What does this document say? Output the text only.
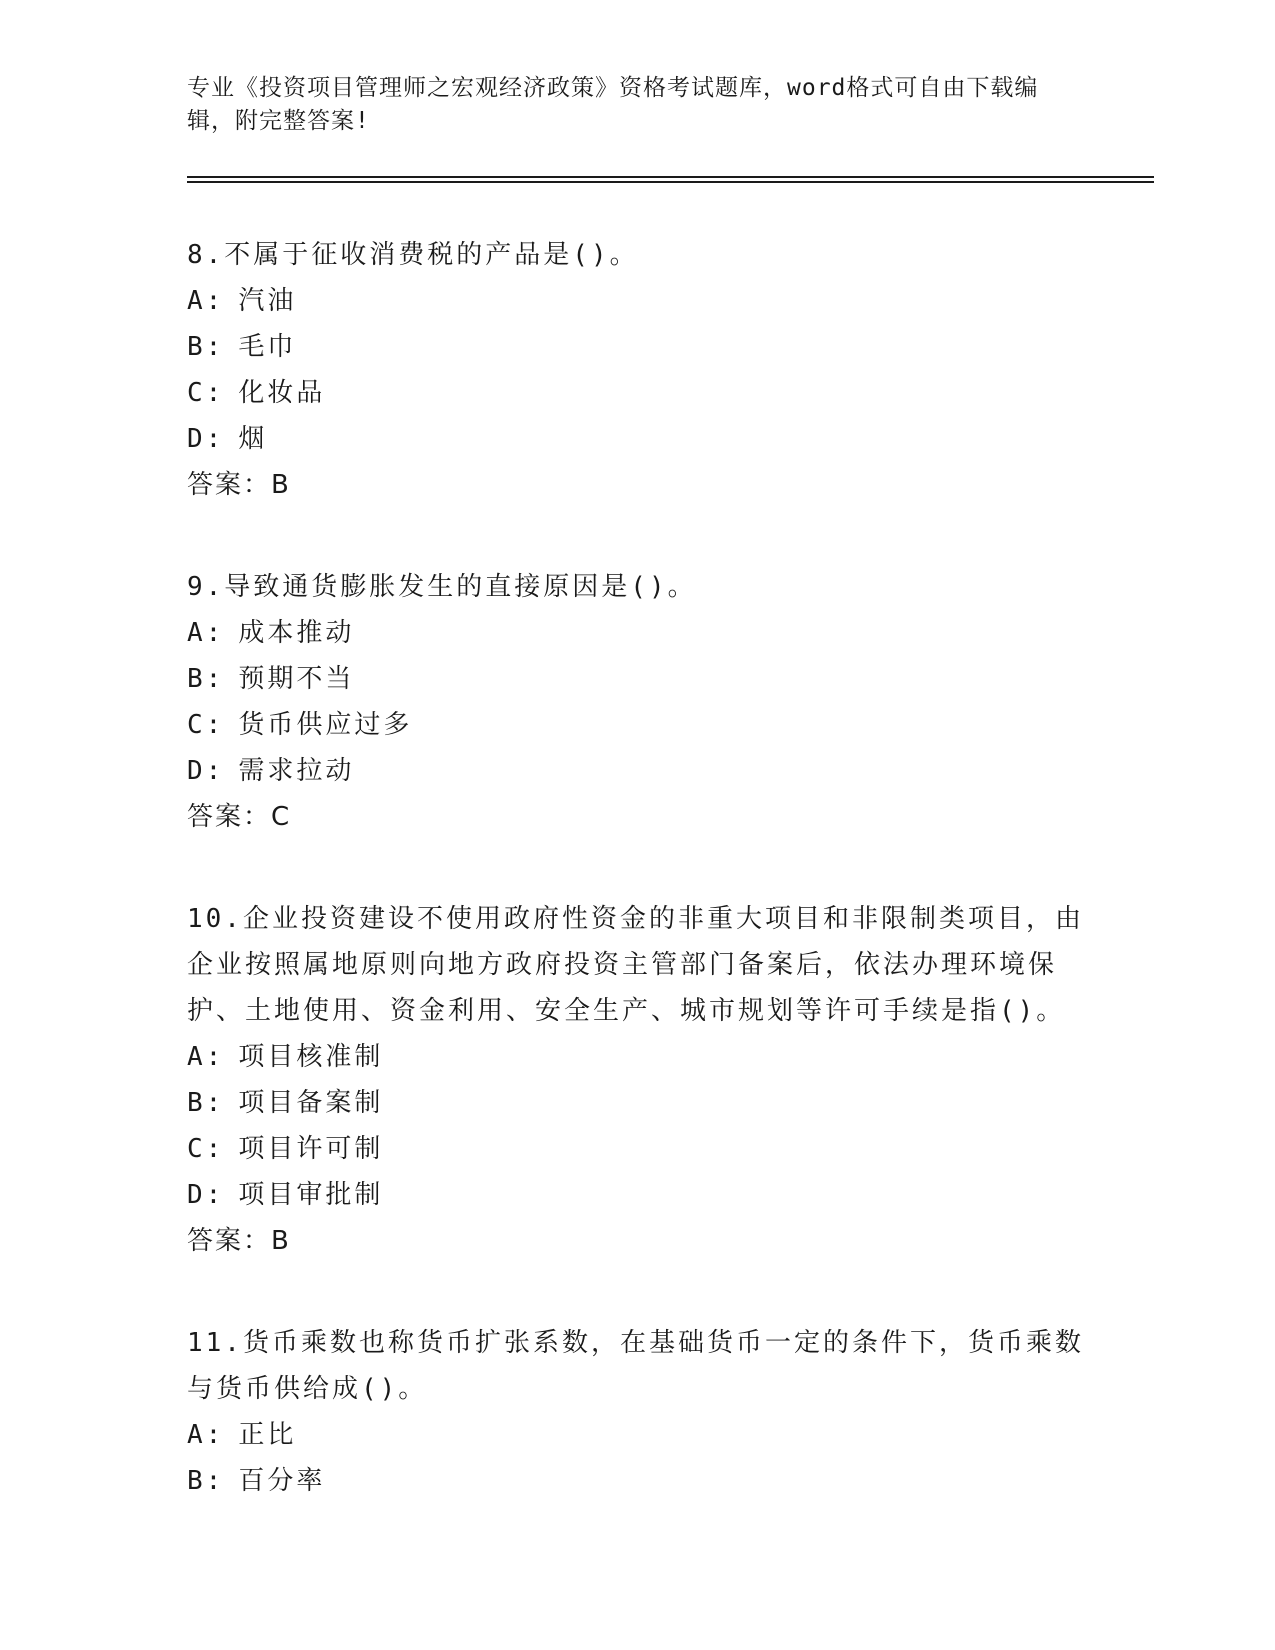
专业《投资项目管理师之宏观经济政策》资格考试题库，word格式可自由下载编
辑，附完整答案!

8.不属于征收消费税的产品是()。

A: 汽油

B: 毛巾

C: 化妆品

D: 烟

答案：B

9.导致通货膨胀发生的直接原因是()。

A: 成本推动

B: 预期不当

C: 货币供应过多

D: 需求拉动

答案：C

10.企业投资建设不使用政府性资金的非重大项目和非限制类项目，由

企业按照属地原则向地方政府投资主管部门备案后，依法办理环境保

护、土地使用、资金利用、安全生产、城市规划等许可手续是指()。

A: 项目核准制

B: 项目备案制

C: 项目许可制

D: 项目审批制

答案：B

11.货币乘数也称货币扩张系数，在基础货币一定的条件下，货币乘数

与货币供给成()。

A: 正比

B: 百分率
